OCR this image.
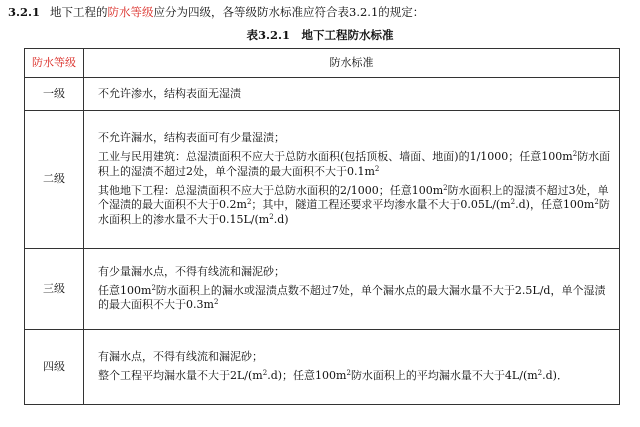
3.2.1 地下工程的防水等级应分为四级，各等级防水标准应符合表3.2.1的规定：
表3.2.1　地下工程防水标准
防水等级	防水标准
一级	不允许渗水，结构表面无湿渍

二级	不允许漏水，结构表面可有少量湿渍；

工业与民用建筑：总湿渍面积不应大于总防水面积(包括顶板、墙面、地面)的1/1000；任意$100m^2$防水面积上的湿渍不超过2处，单个湿渍的最大面积不大于$0.1m^2$

其他地下工程：总湿渍面积不应大于总防水面积的2/1000；任意$100m^2$防水面积上的湿渍不超过3处，单个湿渍的最大面积不大于$0.2m^2$；其中，隧道工程还要求平均渗水量不大于$0.05L/(m^2.d)$，任意$100m^2$防水面积上的渗水量不大于$0.15L/(m^2.d)$

三级	有少量漏水点，不得有线流和漏泥砂；

任意$100m^2$防水面积上的漏水或湿渍点数不超过7处，单个漏水点的最大漏水量不大于2.5L/d，单个湿渍的最大面积不大于$0.3m^2$

四级	有漏水点，不得有线流和漏泥砂；

整个工程平均漏水量不大于$2L/(m^2.d)$；任意$100m^2$防水面积上的平均漏水量不大于$4L/(m^2.d)$．
